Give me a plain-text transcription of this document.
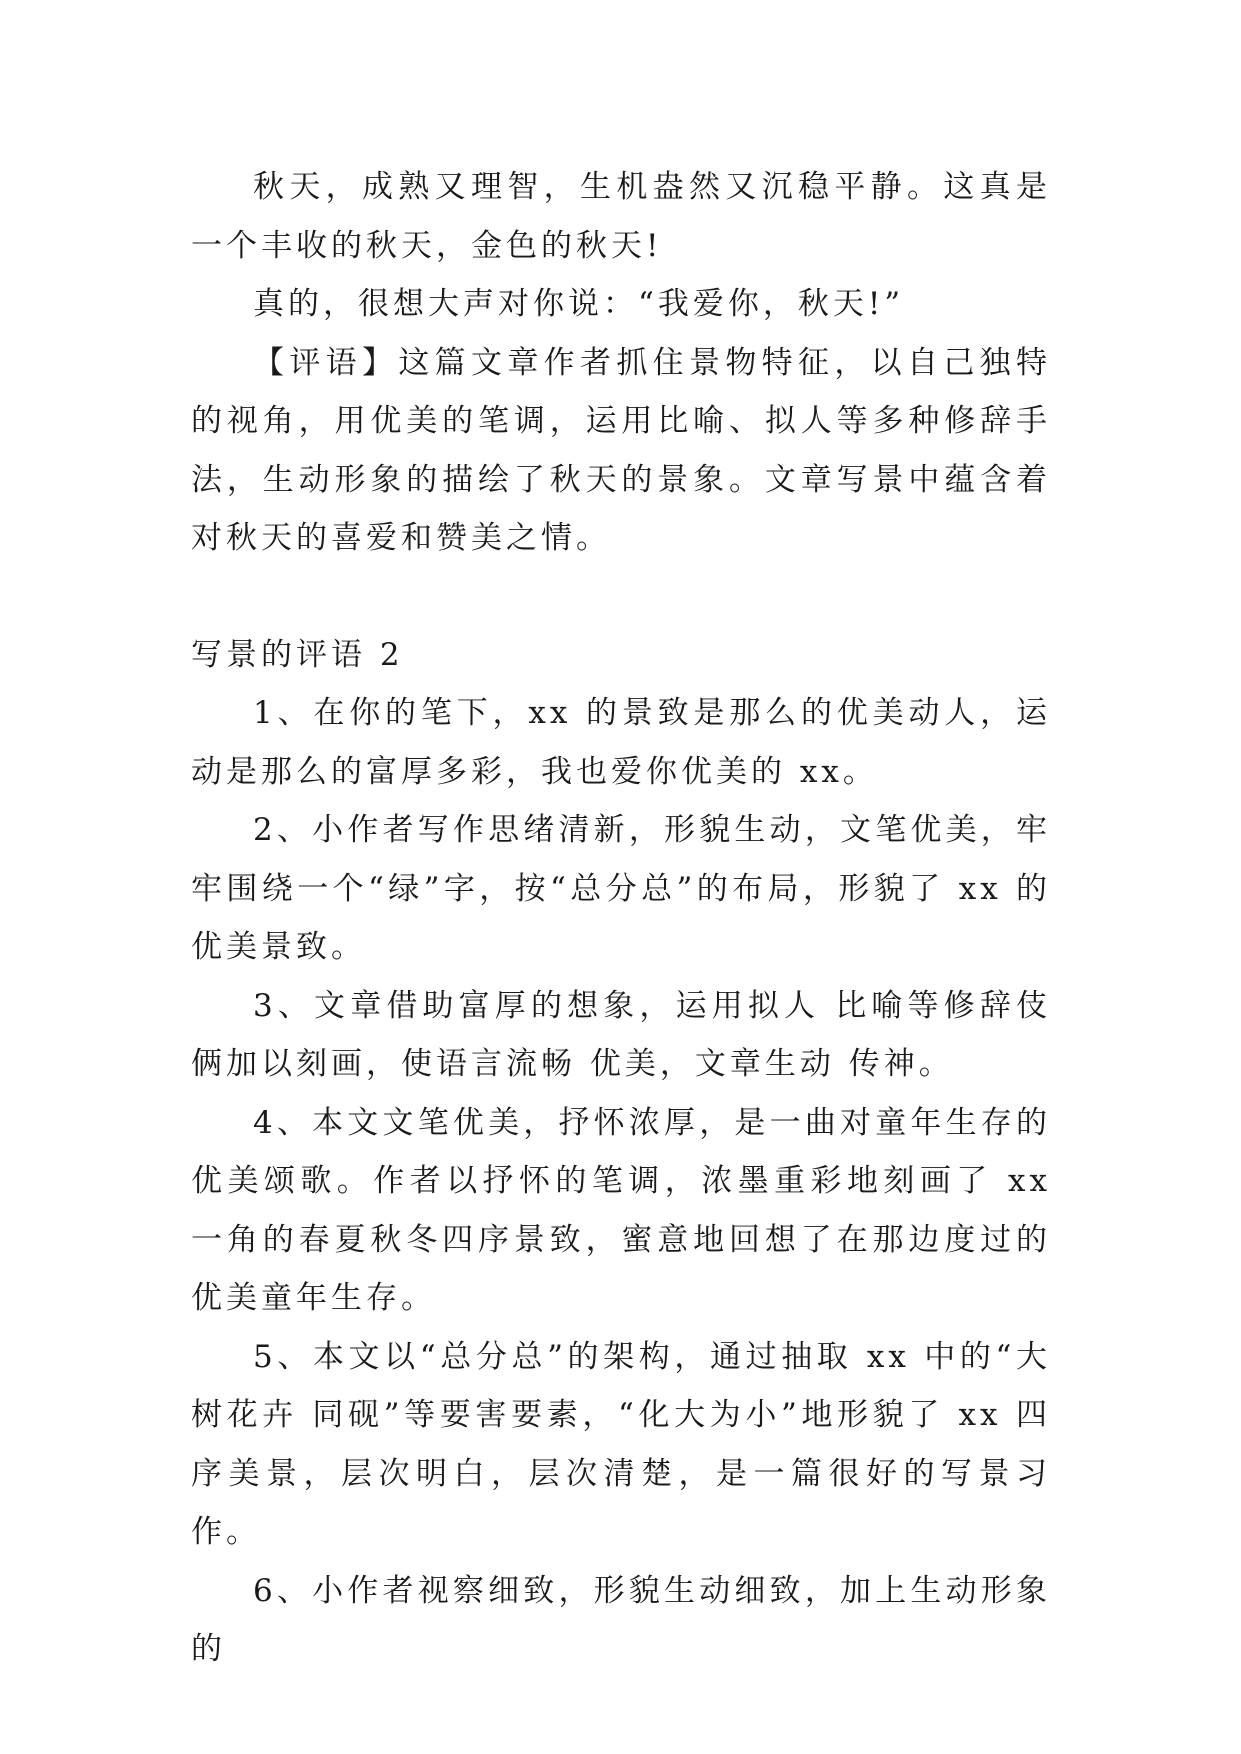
秋天，成熟又理智，生机盎然又沉稳平静。这真是一个丰收的秋天，金色的秋天!

真的，很想大声对你说：“我爱你，秋天!”

【评语】这篇文章作者抓住景物特征，以自己独特的视角，用优美的笔调，运用比喻、拟人等多种修辞手法，生动形象的描绘了秋天的景象。文章写景中蕴含着对秋天的喜爱和赞美之情。

写景的评语 2

1、在你的笔下，xx 的景致是那么的优美动人，运动是那么的富厚多彩，我也爱你优美的 xx。

2、小作者写作思绪清新，形貌生动，文笔优美，牢牢围绕一个“绿”字，按“总分总”的布局，形貌了 xx 的优美景致。

3、文章借助富厚的想象，运用拟人 比喻等修辞伎俩加以刻画，使语言流畅 优美，文章生动 传神。

4、本文文笔优美，抒怀浓厚，是一曲对童年生存的优美颂歌。作者以抒怀的笔调，浓墨重彩地刻画了 xx 一角的春夏秋冬四序景致，蜜意地回想了在那边度过的优美童年生存。

5、本文以“总分总”的架构，通过抽取 xx 中的“大树花卉 同砚”等要害要素，“化大为小”地形貌了 xx 四序美景，层次明白，层次清楚，是一篇很好的写景习作。

6、小作者视察细致，形貌生动细致，加上生动形象的
